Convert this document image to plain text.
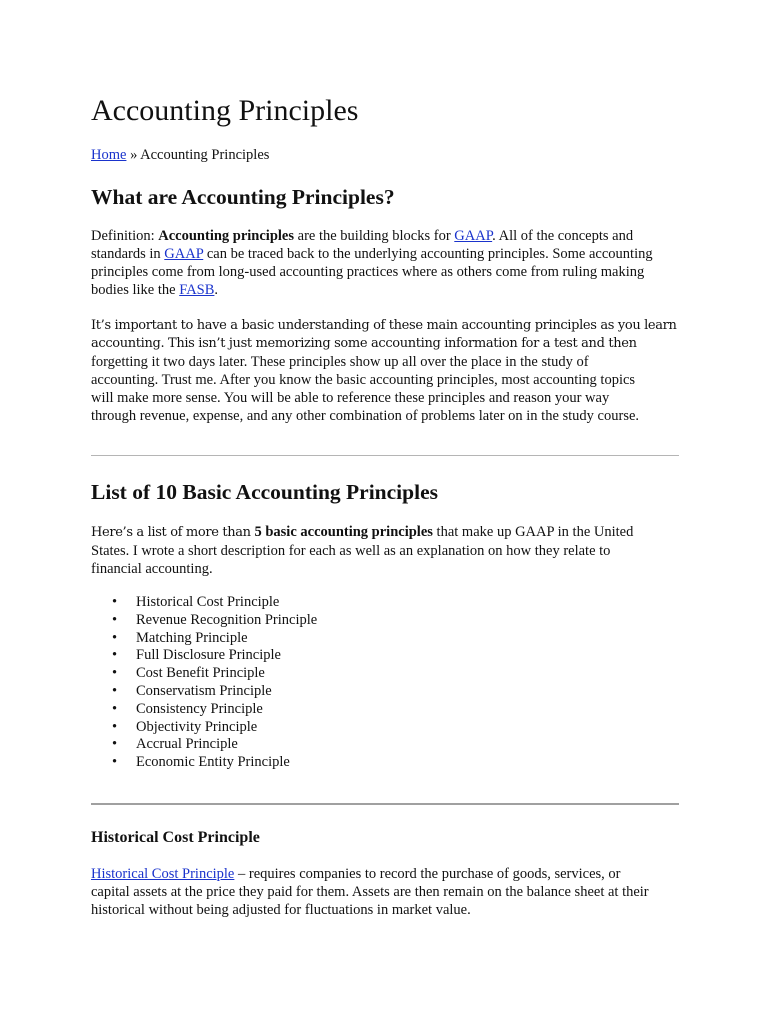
Accounting Principles
Home » Accounting Principles
What are Accounting Principles?

Definition: Accounting principles are the building blocks for GAAP. All of the concepts and
standards in GAAP can be traced back to the underlying accounting principles. Some accounting
principles come from long-used accounting practices where as others come from ruling making
bodies like the FASB.

It’s important to have a basic understanding of these main accounting principles as you learn
accounting. This isn’t just memorizing some accounting information for a test and then
forgetting it two days later. These principles show up all over the place in the study of
accounting. Trust me. After you know the basic accounting principles, most accounting topics
will make more sense. You will be able to reference these principles and reason your way
through revenue, expense, and any other combination of problems later on in the study course.

List of 10 Basic Accounting Principles

Here’s a list of more than 5 basic accounting principles that make up GAAP in the United
States. I wrote a short description for each as well as an explanation on how they relate to
financial accounting.

• Historical Cost Principle
• Revenue Recognition Principle
• Matching Principle
• Full Disclosure Principle
• Cost Benefit Principle
• Conservatism Principle
• Consistency Principle
• Objectivity Principle
• Accrual Principle
• Economic Entity Principle
Historical Cost Principle

Historical Cost Principle – requires companies to record the purchase of goods, services, or
capital assets at the price they paid for them. Assets are then remain on the balance sheet at their
historical without being adjusted for fluctuations in market value.
